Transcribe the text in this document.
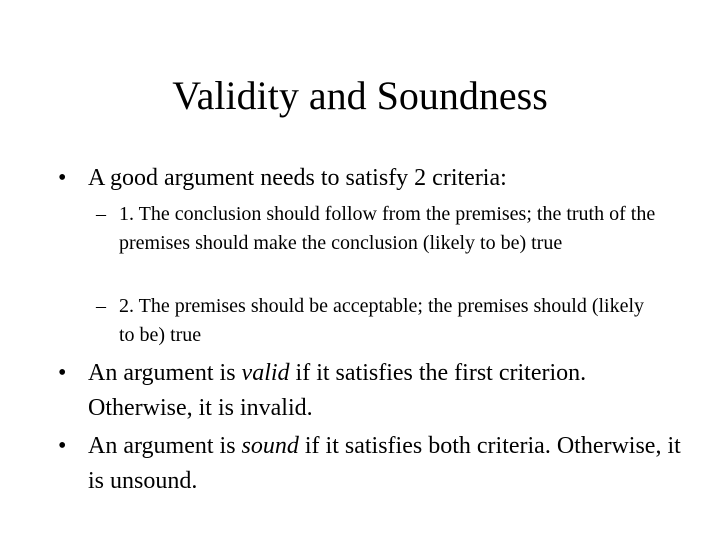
Validity and Soundness
• A good argument needs to satisfy 2 criteria:
– 1. The conclusion should follow from the premises; the truth of the premises should make the conclusion (likely to be) true
– 2. The premises should be acceptable; the premises should (likely to be) true
• An argument is valid if it satisfies the first criterion. Otherwise, it is invalid.
• An argument is sound if it satisfies both criteria. Otherwise, it is unsound.
